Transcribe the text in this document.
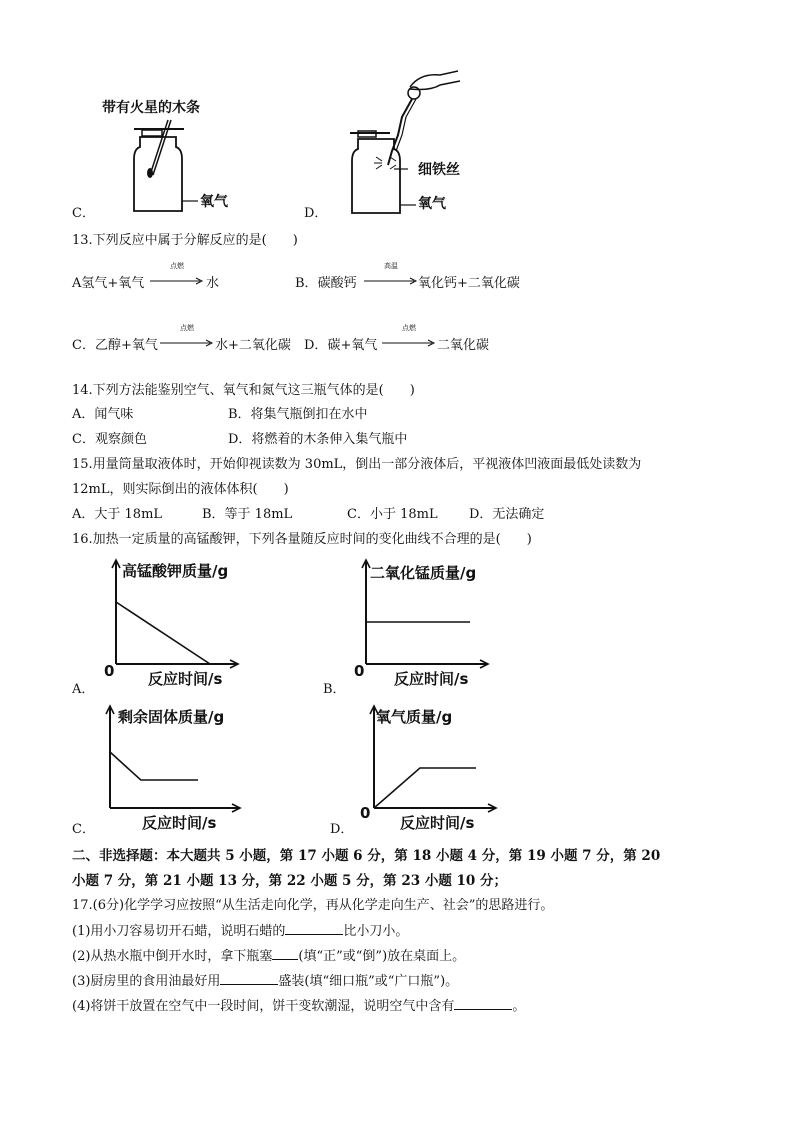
带有火星的木条
氧气
C．
细铁丝
氧气
D．
13.下列反应中属于分解反应的是(　　)
A氢气+氧气
点燃
水	B．碳酸钙
高温
氧化钙+二氧化碳
C．乙醇+氧气
点燃
水+二氧化碳 D．碳+氧气
点燃
二氧化碳
14.下列方法能鉴别空气、氧气和氮气这三瓶气体的是(　　)
A．闻气味	B．将集气瓶倒扣在水中
C．观察颜色	D．将燃着的木条伸入集气瓶中
15.用量筒量取液体时，开始仰视读数为 30mL，倒出一部分液体后，平视液体凹液面最低处读数为
12mL，则实际倒出的液体体积(　　)
A．大于 18mL	B．等于 18mL	C．小于 18mL D．无法确定
16.加热一定质量的高锰酸钾，下列各量随反应时间的变化曲线不合理的是(　　)
高锰酸钾质量/g
0 反应时间/s
A．
二氧化锰质量/g
0 反应时间/s
B．
剩余固体质量/g
反应时间/s
C．
氧气质量/g
0
反应时间/s
D．
二、非选择题：本大题共 5 小题，第 17 小题 6 分，第 18 小题 4 分，第 19 小题 7 分，第 20
小题 7 分，第 21 小题 13 分，第 22 小题 5 分，第 23 小题 10 分；
17.(6分)化学学习应按照“从生活走向化学，再从化学走向生产、社会”的思路进行。
(1)用小刀容易切开石蜡，说明石蜡的	比小刀小。
(2)从热水瓶中倒开水时，拿下瓶塞 (填“正”或“倒”)放在桌面上。
(3)厨房里的食用油最好用	盛装(填“细口瓶”或“广口瓶”)。
(4)将饼干放置在空气中一段时间，饼干变软潮湿，说明空气中含有	。
